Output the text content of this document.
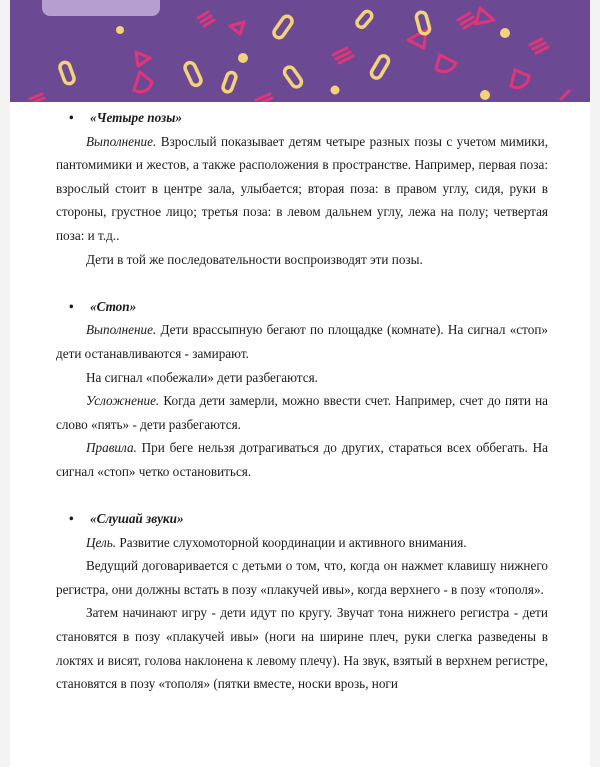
• «Четыре позы»

Выполнение. Взрослый показывает детям четыре разных позы с учетом мимики, пантомимики и жестов, а также расположения в пространстве. Например, первая поза: взрослый стоит в центре зала, улыбается; вторая поза: в правом углу, сидя, руки в стороны, грустное лицо; третья поза: в левом дальнем углу, лежа на полу; четвертая поза: и т.д..

Дети в той же последовательности воспроизводят эти позы.

• «Стоп»

Выполнение. Дети врассыпную бегают по площадке (комнате). На сигнал «стоп» дети останавливаются - замирают.

На сигнал «побежали» дети разбегаются.

Усложнение. Когда дети замерли, можно ввести счет. Например, счет до пяти на слово «пять» - дети разбегаются.

Правила. При беге нельзя дотрагиваться до других, стараться всех оббегать. На сигнал «стоп» четко остановиться.

• «Слушай звуки»

Цель. Развитие слухомоторной координации и активного внимания.

Ведущий договаривается с детьми о том, что, когда он нажмет клавишу нижнего регистра, они должны встать в позу «плакучей ивы», когда верхнего - в позу «тополя».

Затем начинают игру - дети идут по кругу. Звучат тона нижнего регистра - дети становятся в позу «плакучей ивы» (ноги на ширине плеч, руки слегка разведены в локтях и висят, голова наклонена к левому плечу). На звук, взятый в верхнем регистре, становятся в позу «тополя» (пятки вместе, носки врозь, ноги
